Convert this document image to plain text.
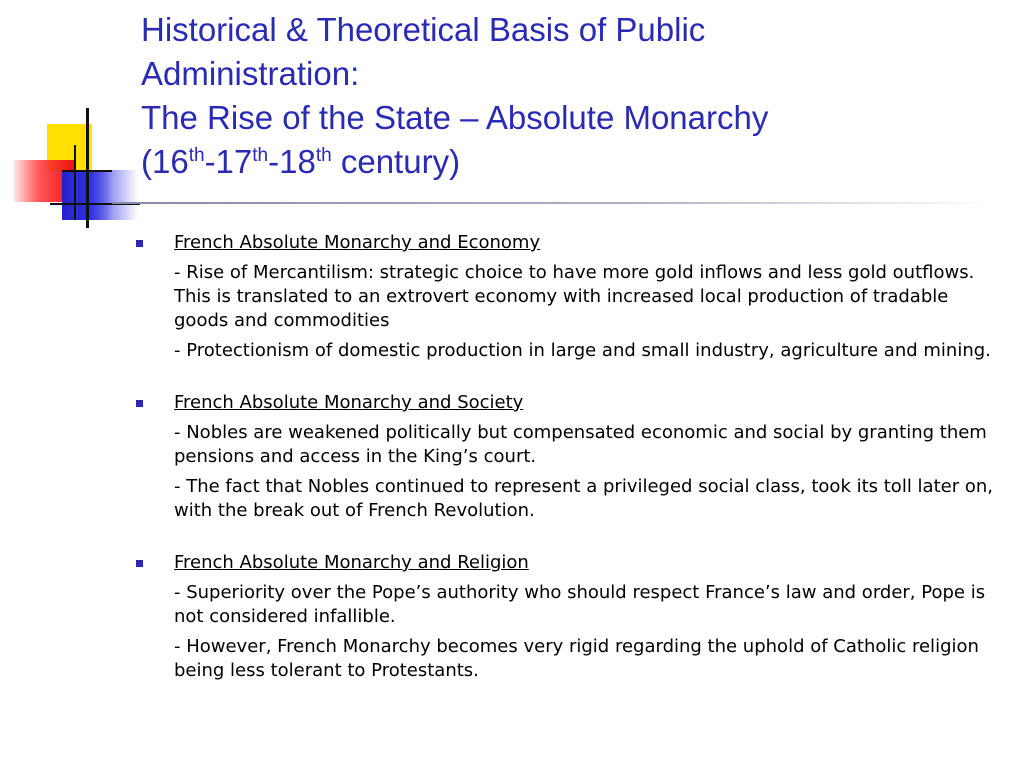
Historical & Theoretical Basis of Public
Administration:
The Rise of the State – Absolute Monarchy
(16th-17th-18th century)
French Absolute Monarchy and Economy
- Rise of Mercantilism: strategic choice to have more gold inflows and less gold outflows. This is translated to an extrovert economy with increased local production of tradable goods and commodities
- Protectionism of domestic production in large and small industry, agriculture and mining.
French Absolute Monarchy and Society
- Nobles are weakened politically but compensated economic and social by granting them pensions and access in the King’s court.
- The fact that Nobles continued to represent a privileged social class, took its toll later on, with the break out of French Revolution.
French Absolute Monarchy and Religion
- Superiority over the Pope’s authority who should respect France’s law and order, Pope is not considered infallible.
- However, French Monarchy becomes very rigid regarding the uphold of Catholic religion being less tolerant to Protestants.
